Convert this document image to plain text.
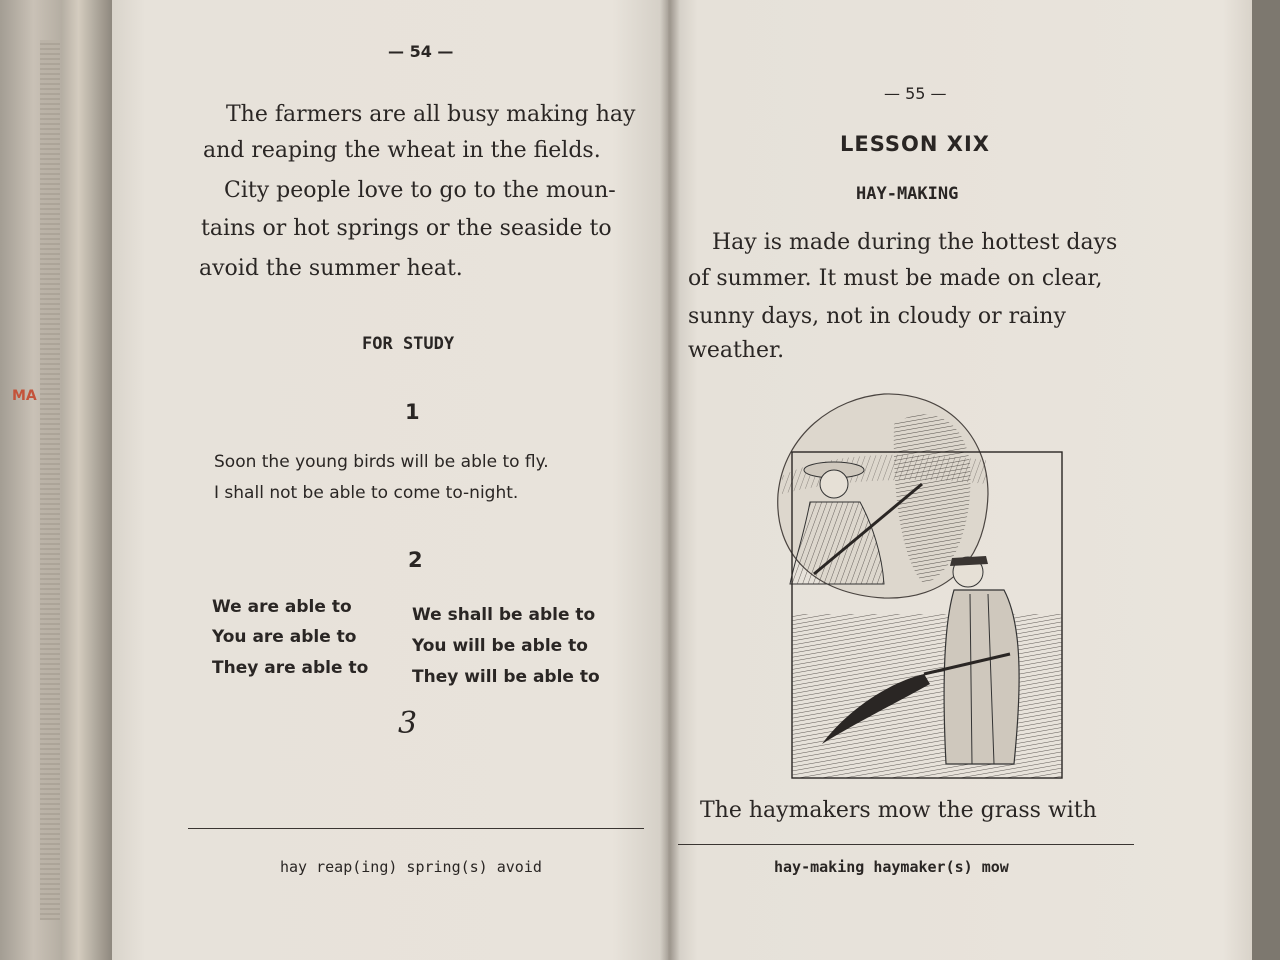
MA
— 54 —
The farmers are all busy making hay
and reaping the wheat in the fields.
City people love to go to the moun-
tains or hot springs or the seaside to
avoid the summer heat.
FOR STUDY
1
Soon the young birds will be able to fly.
I shall not be able to come to-night.
2
We are able to
You are able to
They are able to
We shall be able to
You will be able to
They will be able to
3
hay reap(ing) spring(s) avoid
— 55 —
LESSON XIX
HAY-MAKING
Hay is made during the hottest days
of summer. It must be made on clear,
sunny days, not in cloudy or rainy
weather.
The haymakers mow the grass with
hay-making haymaker(s) mow
